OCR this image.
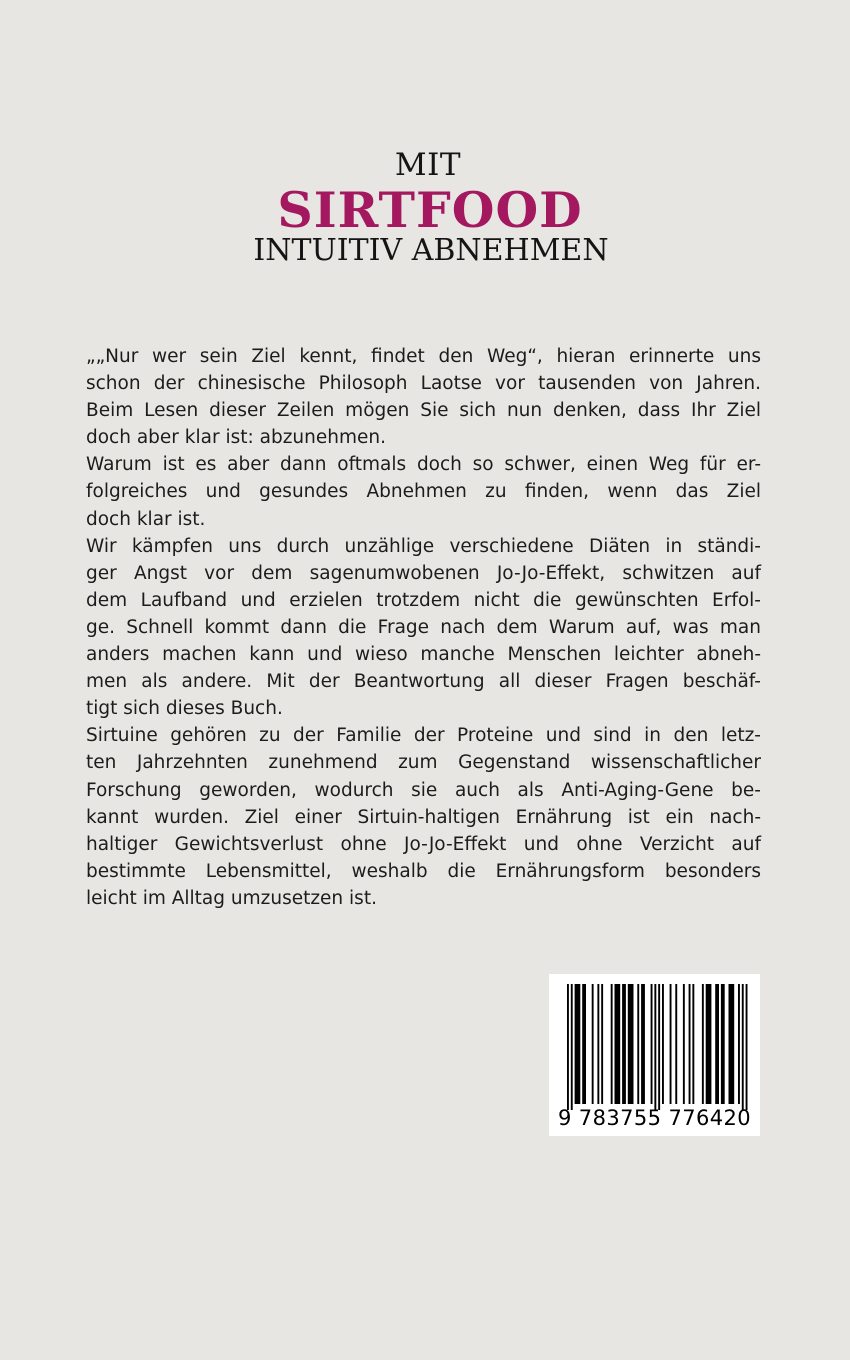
MIT
SIRTFOOD
INTUITIV ABNEHMEN
„„Nur wer sein Ziel kennt, findet den Weg“, hieran erinnerte uns
schon der chinesische Philosoph Laotse vor tausenden von Jahren.
Beim Lesen dieser Zeilen mögen Sie sich nun denken, dass Ihr Ziel
doch aber klar ist: abzunehmen.
Warum ist es aber dann oftmals doch so schwer, einen Weg für er-
folgreiches und gesundes Abnehmen zu finden, wenn das Ziel
doch klar ist.
Wir kämpfen uns durch unzählige verschiedene Diäten in ständi-
ger Angst vor dem sagenumwobenen Jo-Jo-Effekt, schwitzen auf
dem Laufband und erzielen trotzdem nicht die gewünschten Erfol-
ge. Schnell kommt dann die Frage nach dem Warum auf, was man
anders machen kann und wieso manche Menschen leichter abneh-
men als andere. Mit der Beantwortung all dieser Fragen beschäf-
tigt sich dieses Buch.
Sirtuine gehören zu der Familie der Proteine und sind in den letz-
ten Jahrzehnten zunehmend zum Gegenstand wissenschaftlicher
Forschung geworden, wodurch sie auch als Anti-Aging-Gene be-
kannt wurden. Ziel einer Sirtuin-haltigen Ernährung ist ein nach-
haltiger Gewichtsverlust ohne Jo-Jo-Effekt und ohne Verzicht auf
bestimmte Lebensmittel, weshalb die Ernährungsform besonders
leicht im Alltag umzusetzen ist.
9 783755 776420
